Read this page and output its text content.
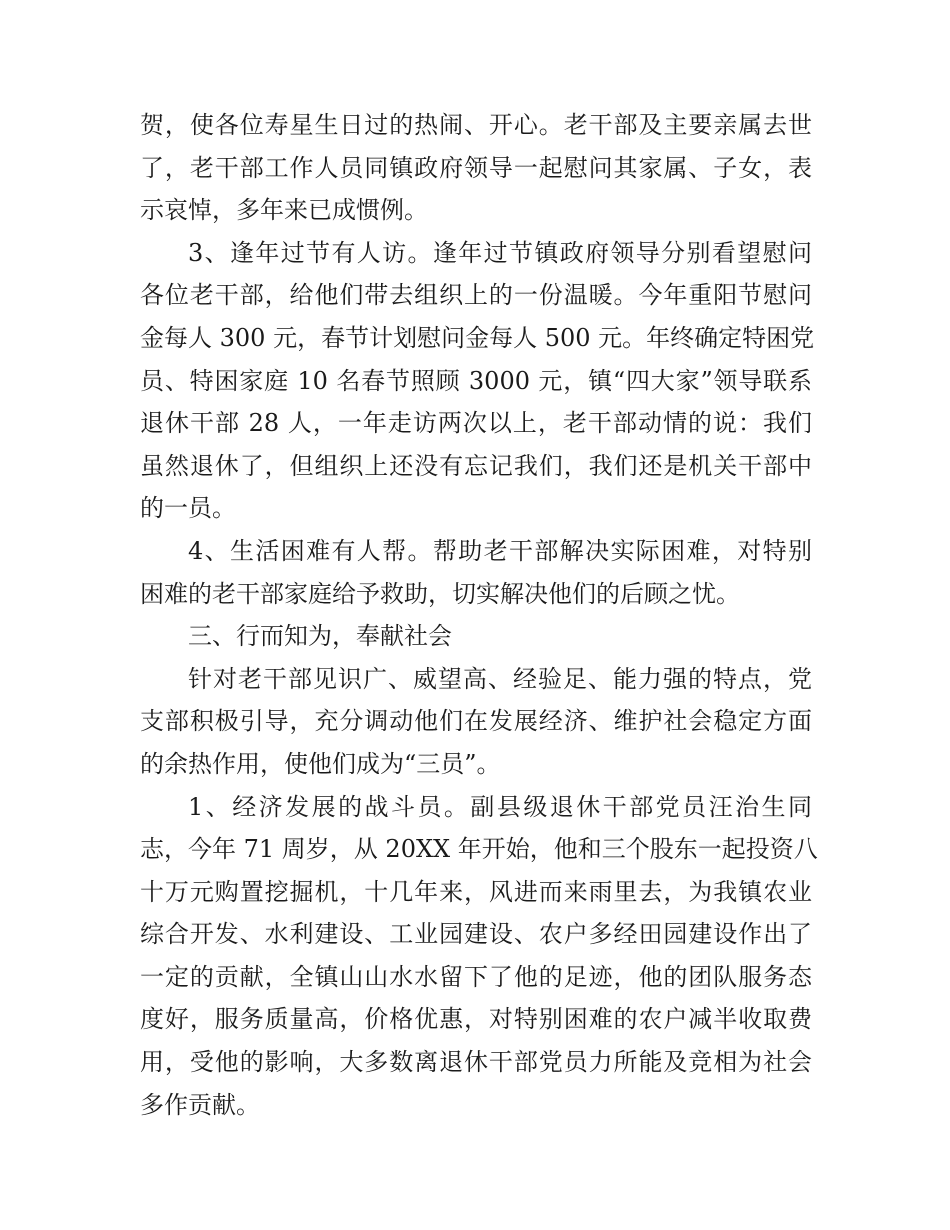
贺，使各位寿星生日过的热闹、开心。老干部及主要亲属去世
了，老干部工作人员同镇政府领导一起慰问其家属、子女，表
示哀悼，多年来已成惯例。
3、逢年过节有人访。逢年过节镇政府领导分别看望慰问
各位老干部，给他们带去组织上的一份温暖。今年重阳节慰问
金每人 300 元，春节计划慰问金每人 500 元。年终确定特困党
员、特困家庭 10 名春节照顾 3000 元，镇“四大家”领导联系
退休干部 28 人，一年走访两次以上，老干部动情的说：我们
虽然退休了，但组织上还没有忘记我们，我们还是机关干部中
的一员。
4、生活困难有人帮。帮助老干部解决实际困难，对特别
困难的老干部家庭给予救助，切实解决他们的后顾之忧。
三、行而知为，奉献社会
针对老干部见识广、威望高、经验足、能力强的特点，党
支部积极引导，充分调动他们在发展经济、维护社会稳定方面
的余热作用，使他们成为“三员”。
1、经济发展的战斗员。副县级退休干部党员汪治生同
志，今年 71 周岁，从 20XX 年开始，他和三个股东一起投资八
十万元购置挖掘机，十几年来，风进而来雨里去，为我镇农业
综合开发、水利建设、工业园建设、农户多经田园建设作出了
一定的贡献，全镇山山水水留下了他的足迹，他的团队服务态
度好，服务质量高，价格优惠，对特别困难的农户减半收取费
用，受他的影响，大多数离退休干部党员力所能及竞相为社会
多作贡献。
